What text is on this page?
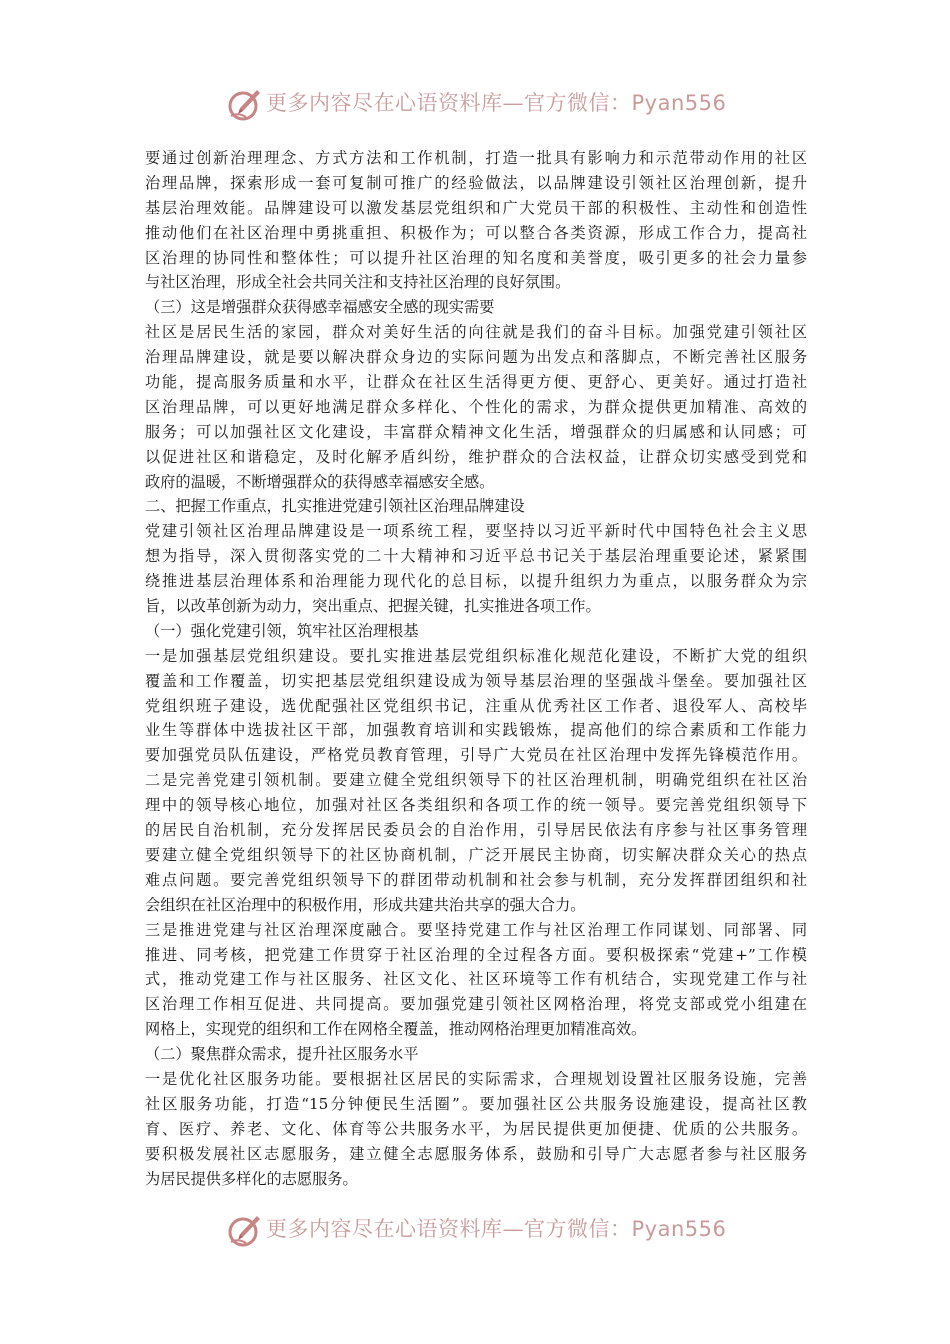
更多内容尽在心语资料库—官方微信：Pyan556
要通过创新治理理念、方式方法和工作机制，打造一批具有影响力和示范带动作用的社区
治理品牌，探索形成一套可复制可推广的经验做法，以品牌建设引领社区治理创新，提升
基层治理效能。品牌建设可以激发基层党组织和广大党员干部的积极性、主动性和创造性
推动他们在社区治理中勇挑重担、积极作为；可以整合各类资源，形成工作合力，提高社
区治理的协同性和整体性；可以提升社区治理的知名度和美誉度，吸引更多的社会力量参
与社区治理，形成全社会共同关注和支持社区治理的良好氛围。
（三）这是增强群众获得感幸福感安全感的现实需要
社区是居民生活的家园，群众对美好生活的向往就是我们的奋斗目标。加强党建引领社区
治理品牌建设，就是要以解决群众身边的实际问题为出发点和落脚点，不断完善社区服务
功能，提高服务质量和水平，让群众在社区生活得更方便、更舒心、更美好。通过打造社
区治理品牌，可以更好地满足群众多样化、个性化的需求，为群众提供更加精准、高效的
服务；可以加强社区文化建设，丰富群众精神文化生活，增强群众的归属感和认同感；可
以促进社区和谐稳定，及时化解矛盾纠纷，维护群众的合法权益，让群众切实感受到党和
政府的温暖，不断增强群众的获得感幸福感安全感。
二、把握工作重点，扎实推进党建引领社区治理品牌建设
党建引领社区治理品牌建设是一项系统工程，要坚持以习近平新时代中国特色社会主义思
想为指导，深入贯彻落实党的二十大精神和习近平总书记关于基层治理重要论述，紧紧围
绕推进基层治理体系和治理能力现代化的总目标，以提升组织力为重点，以服务群众为宗
旨，以改革创新为动力，突出重点、把握关键，扎实推进各项工作。
（一）强化党建引领，筑牢社区治理根基
一是加强基层党组织建设。要扎实推进基层党组织标准化规范化建设，不断扩大党的组织
覆盖和工作覆盖，切实把基层党组织建设成为领导基层治理的坚强战斗堡垒。要加强社区
党组织班子建设，选优配强社区党组织书记，注重从优秀社区工作者、退役军人、高校毕
业生等群体中选拔社区干部，加强教育培训和实践锻炼，提高他们的综合素质和工作能力
要加强党员队伍建设，严格党员教育管理，引导广大党员在社区治理中发挥先锋模范作用。
二是完善党建引领机制。要建立健全党组织领导下的社区治理机制，明确党组织在社区治
理中的领导核心地位，加强对社区各类组织和各项工作的统一领导。要完善党组织领导下
的居民自治机制，充分发挥居民委员会的自治作用，引导居民依法有序参与社区事务管理
要建立健全党组织领导下的社区协商机制，广泛开展民主协商，切实解决群众关心的热点
难点问题。要完善党组织领导下的群团带动机制和社会参与机制，充分发挥群团组织和社
会组织在社区治理中的积极作用，形成共建共治共享的强大合力。
三是推进党建与社区治理深度融合。要坚持党建工作与社区治理工作同谋划、同部署、同
推进、同考核，把党建工作贯穿于社区治理的全过程各方面。要积极探索“党建+”工作模
式，推动党建工作与社区服务、社区文化、社区环境等工作有机结合，实现党建工作与社
区治理工作相互促进、共同提高。要加强党建引领社区网格治理，将党支部或党小组建在
网格上，实现党的组织和工作在网格全覆盖，推动网格治理更加精准高效。
（二）聚焦群众需求，提升社区服务水平
一是优化社区服务功能。要根据社区居民的实际需求，合理规划设置社区服务设施，完善
社区服务功能，打造“15分钟便民生活圈”。要加强社区公共服务设施建设，提高社区教
育、医疗、养老、文化、体育等公共服务水平，为居民提供更加便捷、优质的公共服务。
要积极发展社区志愿服务，建立健全志愿服务体系，鼓励和引导广大志愿者参与社区服务
为居民提供多样化的志愿服务。
更多内容尽在心语资料库—官方微信：Pyan556
